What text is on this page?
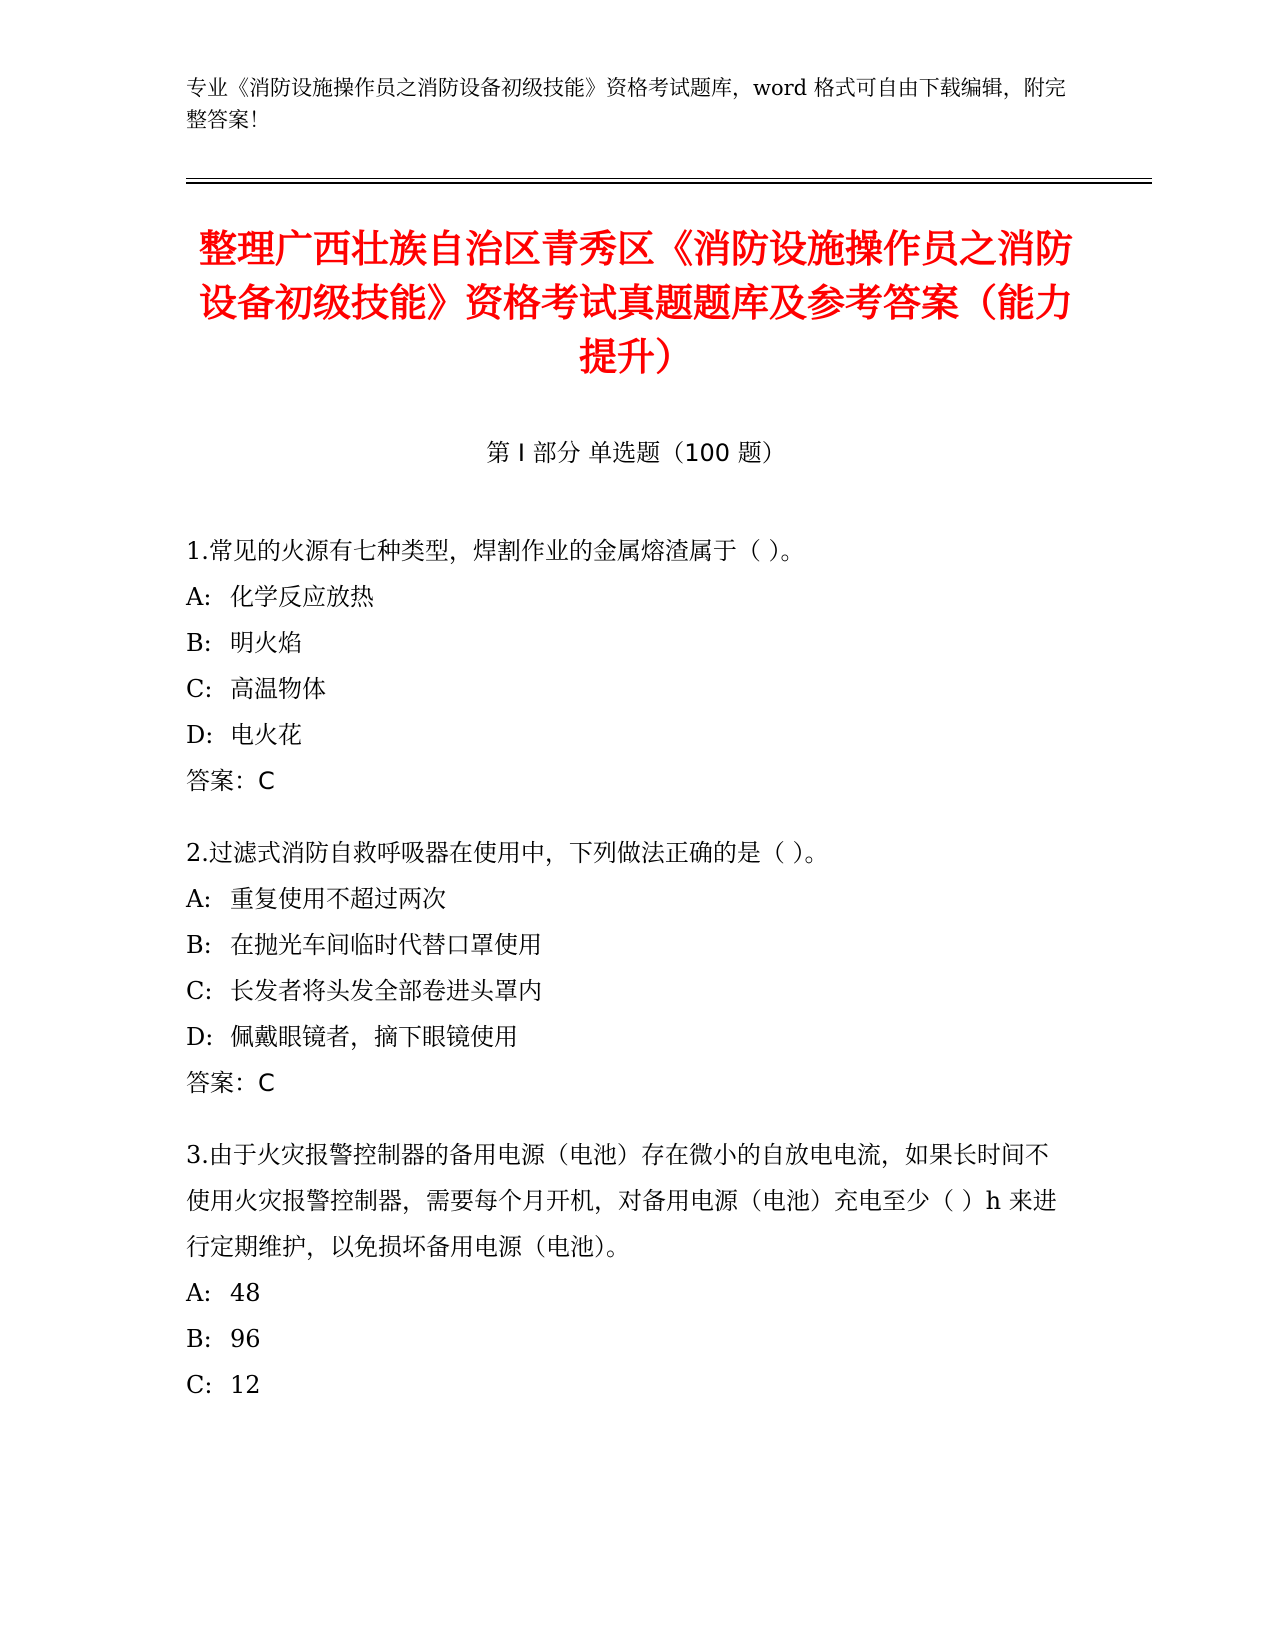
专业《消防设施操作员之消防设备初级技能》资格考试题库，word 格式可自由下载编辑，附完整答案！
整理广西壮族自治区青秀区《消防设施操作员之消防设备初级技能》资格考试真题题库及参考答案（能力提升）
第 I 部分 单选题（100 题）

1.常见的火源有七种类型，焊割作业的金属熔渣属于（ ）。

A: 化学反应放热

B: 明火焰

C: 高温物体

D: 电火花

答案：C

2.过滤式消防自救呼吸器在使用中，下列做法正确的是（ ）。

A: 重复使用不超过两次

B: 在抛光车间临时代替口罩使用

C: 长发者将头发全部卷进头罩内

D: 佩戴眼镜者，摘下眼镜使用

答案：C

3.由于火灾报警控制器的备用电源（电池）存在微小的自放电电流，如果长时间不使用火灾报警控制器，需要每个月开机，对备用电源（电池）充电至少（ ）h 来进行定期维护，以免损坏备用电源（电池）。

A: 48

B: 96

C: 12
